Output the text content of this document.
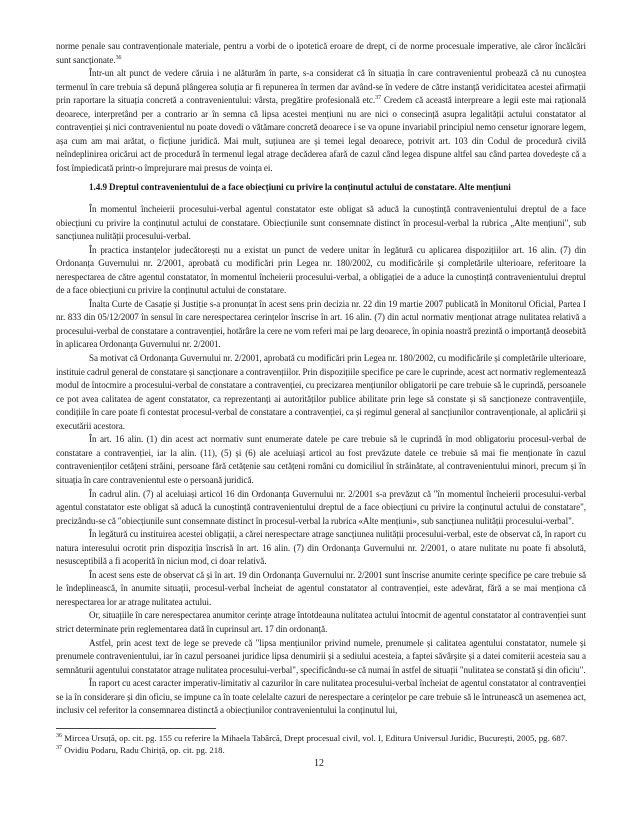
norme penale sau contravenționale materiale, pentru a vorbi de o ipotetică eroare de drept, ci de norme procesuale imperative, ale căror încălcări sunt sancționate.$^{36}$

Într-un alt punct de vedere căruia i ne alăturăm în parte, s-a considerat că în situația în care contravenientul probează că nu cunoștea termenul în care trebuia să depună plângerea soluția ar fi repunerea în termen dar având-se în vedere de către instanță veridicitatea acestei afirmații prin raportare la situația concretă a contravenientului: vârsta, pregătire profesională etc.$^{37}$ Credem că această interpreare a legii este mai rațională deoarece, interpretând per a contrario ar în semna că lipsa acestei mențiuni nu are nici o consecință asupra legalității actului constatator al contravenției și nici contravenientul nu poate dovedi o vătămare concretă deoarece i se va opune invariabil principiul nemo censetur ignorare legem, așa cum am mai arătat, o ficțiune juridică. Mai mult, suțiunea are și temei legal deoarece, potrivit art. 103 din Codul de procedură civilă neîndeplinirea oricărui act de procedură în termenul legal atrage decăderea afară de cazul când legea dispune altfel sau când partea dovedește că a fost împiedicată printr-o împrejurare mai presus de voința ei.

1.4.9 Dreptul contravenientului de a face obiecțiuni cu privire la conținutul actului de constatare. Alte mențiuni

În momentul încheierii procesului-verbal agentul constatator este obligat să aducă la cunoștință contravenientului dreptul de a face obiecțiuni cu privire la conținutul actului de constatare. Obiecțiunile sunt consemnate distinct în procesul-verbal la rubrica „Alte mențiuni", sub sancțiunea nulității procesului-verbal.

În practica instanțelor judecătorești nu a existat un punct de vedere unitar în legătură cu aplicarea dispozițiilor art. 16 alin. (7) din Ordonanța Guvernului nr. 2/2001, aprobată cu modificări prin Legea nr. 180/2002, cu modificările și completările ulterioare, referitoare la nerespectarea de către agentul constatator, în momentul încheierii procesului-verbal, a obligației de a aduce la cunoștință contravenientului dreptul de a face obiecțiuni cu privire la conținutul actului de constatare.

Înalta Curte de Casație și Justiție s-a pronunțat în acest sens prin decizia nr. 22 din 19 martie 2007 publicată în Monitorul Oficial, Partea I nr. 833 din 05/12/2007 în sensul în care nerespectarea cerințelor înscrise în art. 16 alin. (7) din actul normativ menționat atrage nulitatea relativă a procesului-verbal de constatare a contravenției, hotărâre la cere ne vom referi mai pe larg deoarece, în opinia noastră prezintă o importanță deosebită în aplicarea Ordonanța Guvernului nr. 2/2001.

Sa motivat că Ordonanța Guvernului nr. 2/2001, aprobată cu modificări prin Legea nr. 180/2002, cu modificările și completările ulterioare, instituie cadrul general de constatare și sancționare a contravențiilor. Prin dispozițiile specifice pe care le cuprinde, acest act normativ reglementează modul de întocmire a procesului-verbal de constatare a contravenției, cu precizarea mențiunilor obligatorii pe care trebuie să le cuprindă, persoanele ce pot avea calitatea de agent constatator, ca reprezentanți ai autorităților publice abilitate prin lege să constate și să sancționeze contravențiile, condițiile în care poate fi contestat procesul-verbal de constatare a contravenției, ca și regimul general al sancțiunilor contravenționale, al aplicării și executării acestora.

În art. 16 alin. (1) din acest act normativ sunt enumerate datele pe care trebuie să le cuprindă în mod obligatoriu procesul-verbal de constatare a contravenției, iar la alin. (11), (5) și (6) ale aceluiași articol au fost prevăzute datele ce trebuie să mai fie menționate în cazul contravenienților cetățeni străini, persoane fără cetățenie sau cetățeni români cu domiciliul în străinătate, al contravenientului minori, precum și în situația în care contravenientul este o persoană juridică.

În cadrul alin. (7) al aceluiași articol 16 din Ordonanța Guvernului nr. 2/2001 s-a prevăzut că "în momentul încheierii procesului-verbal agentul constatator este obligat să aducă la cunoștință contravenientului dreptul de a face obiecțiuni cu privire la conținutul actului de constatare", precizându-se că "obiecțiunile sunt consemnate distinct în procesul-verbal la rubrica «Alte mențiuni», sub sancțiunea nulității procesului-verbal".

În legătură cu instituirea acestei obligații, a cărei nerespectare atrage sancțiunea nulității procesului-verbal, este de observat că, în raport cu natura interesului ocrotit prin dispoziția înscrisă în art. 16 alin. (7) din Ordonanța Guvernului nr. 2/2001, o atare nulitate nu poate fi absolută, nesusceptibilă a fi acoperită în niciun mod, ci doar relativă.

În acest sens este de observat că și în art. 19 din Ordonanța Guvernului nr. 2/2001 sunt înscrise anumite cerințe specifice pe care trebuie să le îndeplinească, în anumite situații, procesul-verbal încheiat de agentul constatator al contravenției, este adevărat, fără a se mai menționa că nerespectarea lor ar atrage nulitatea actului.

Or, situațiile în care nerespectarea anumitor cerințe atrage întotdeauna nulitatea actului întocmit de agentul constatator al contravenției sunt strict determinate prin reglementarea dată în cuprinsul art. 17 din ordonanță.

Astfel, prin acest text de lege se prevede că "lipsa mențiunilor privind numele, prenumele și calitatea agentului constatator, numele și prenumele contravenientului, iar în cazul persoanei juridice lipsa denumirii și a sediului acesteia, a faptei săvârșite și a datei comiterii acesteia sau a semnăturii agentului constatator atrage nulitatea procesului-verbal", specificându-se că numai în astfel de situații "nulitatea se constată și din oficiu".

În raport cu acest caracter imperativ-limitativ al cazurilor în care nulitatea procesului-verbal încheiat de agentul constatator al contravenției se ia în considerare și din oficiu, se impune ca în toate celelalte cazuri de nerespectare a cerințelor pe care trebuie să le întrunească un asemenea act, inclusiv cel referitor la consemnarea distinctă a obiecțiunilor contravenientului la conținutul lui,

$^{36}$ Mircea Ursuță, op. cit. pg. 155 cu referire la Mihaela Tabârcă, Drept procesual civil, vol. I, Editura Universul Juridic, București, 2005, pg. 687.
$^{37}$ Ovidiu Podaru, Radu Chiriță, op. cit. pg. 218.
12
